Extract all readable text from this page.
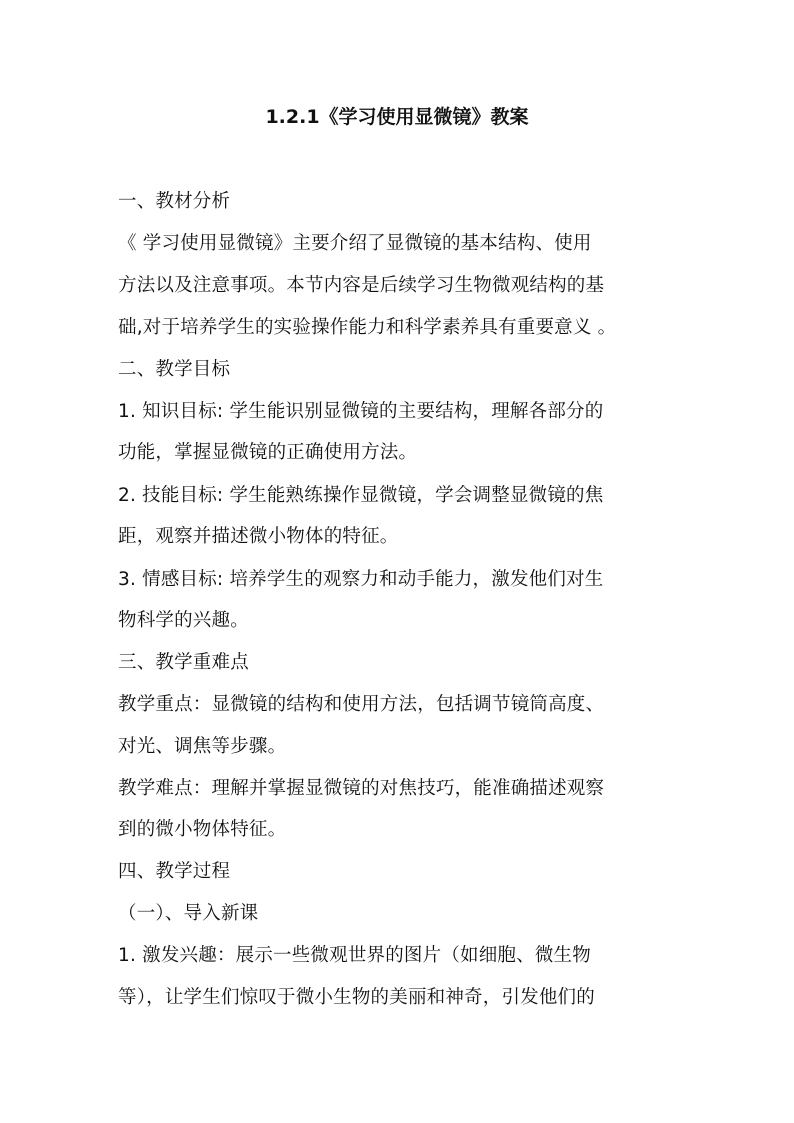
1.2.1《学习使用显微镜》教案
一、教材分析
《 学习使用显微镜》主要介绍了显微镜的基本结构、使用
方法以及注意事项。本节内容是后续学习生物微观结构的基
础,对于培养学生的实验操作能力和科学素养具有重要意义 。
二、教学目标
1. 知识目标: 学生能识别显微镜的主要结构，理解各部分的
功能，掌握显微镜的正确使用方法。
2. 技能目标: 学生能熟练操作显微镜，学会调整显微镜的焦
距，观察并描述微小物体的特征。
3. 情感目标: 培养学生的观察力和动手能力，激发他们对生
物科学的兴趣。
三、教学重难点
教学重点：显微镜的结构和使用方法，包括调节镜筒高度、
对光、调焦等步骤。
教学难点：理解并掌握显微镜的对焦技巧，能准确描述观察
到的微小物体特征。
四、教学过程
（一）、导入新课
1. 激发兴趣：展示一些微观世界的图片（如细胞、微生物
等），让学生们惊叹于微小生物的美丽和神奇，引发他们的
